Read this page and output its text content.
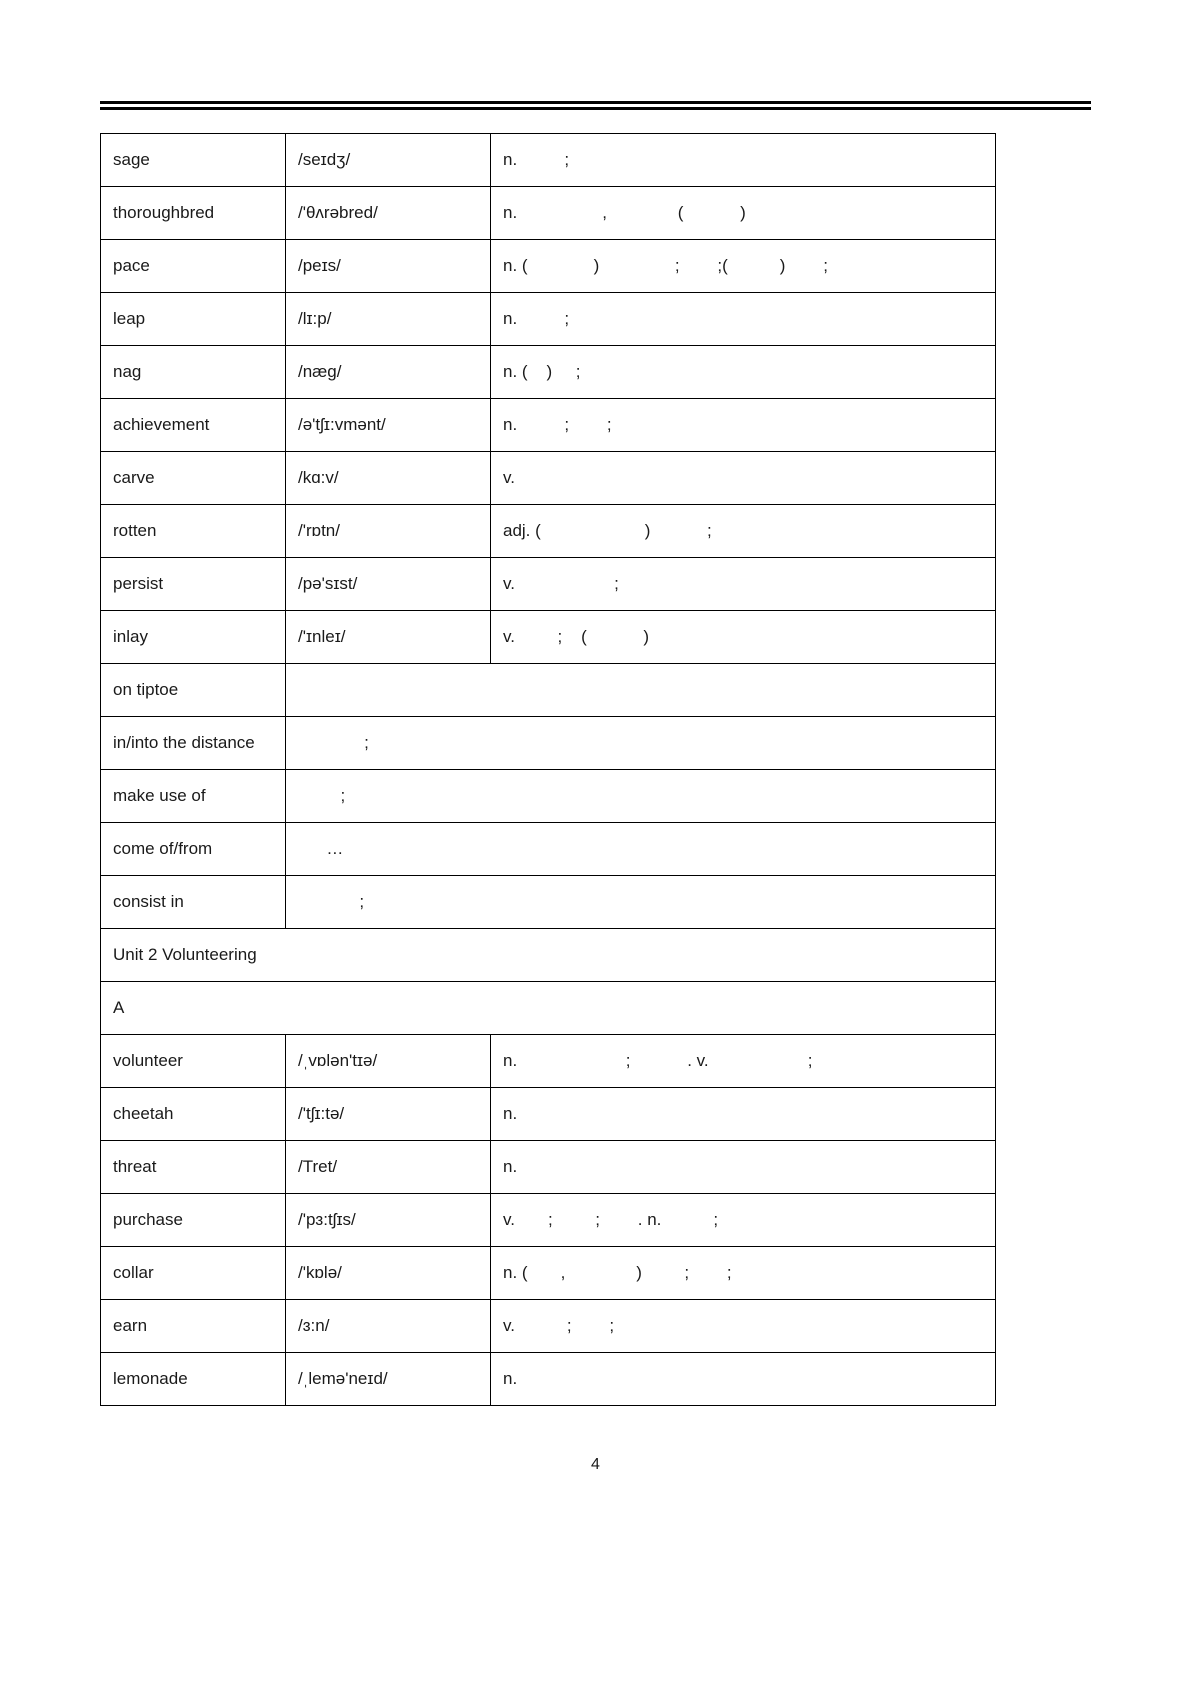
sage	/seɪdʒ/	n.          ;
thoroughbred	/'θʌrəbred/	n.                  ,               (            )
pace	/peɪs/	n. (              )                ;        ;(           )        ;
leap	/lɪ:p/	n.          ;
nag	/næg/	n. (    )     ;
achievement	/ə'tʃɪ:vmənt/	n.          ;        ;
carve	/kɑ:v/	v.
rotten	/'rɒtn/	adj. (                      )            ;
persist	/pə'sɪst/	v.                     ;
inlay	/'ɪnleɪ/	v.         ;    (            )
on tiptoe		
in/into the distance	;	
make use of	;	
come of/from	…	
consist in	;	
Unit 2 Volunteering		
A		
volunteer	/ˌvɒlən'tɪə/	n.                       ;            . v.                     ;
cheetah	/'tʃɪ:tə/	n.
threat	/Tret/	n.
purchase	/'pɜ:tʃɪs/	v.       ;         ;        . n.           ;
collar	/'kɒlə/	n. (       ,               )         ;        ;
earn	/ɜ:n/	v.           ;        ;
lemonade	/ˌlemə'neɪd/	n.
4
